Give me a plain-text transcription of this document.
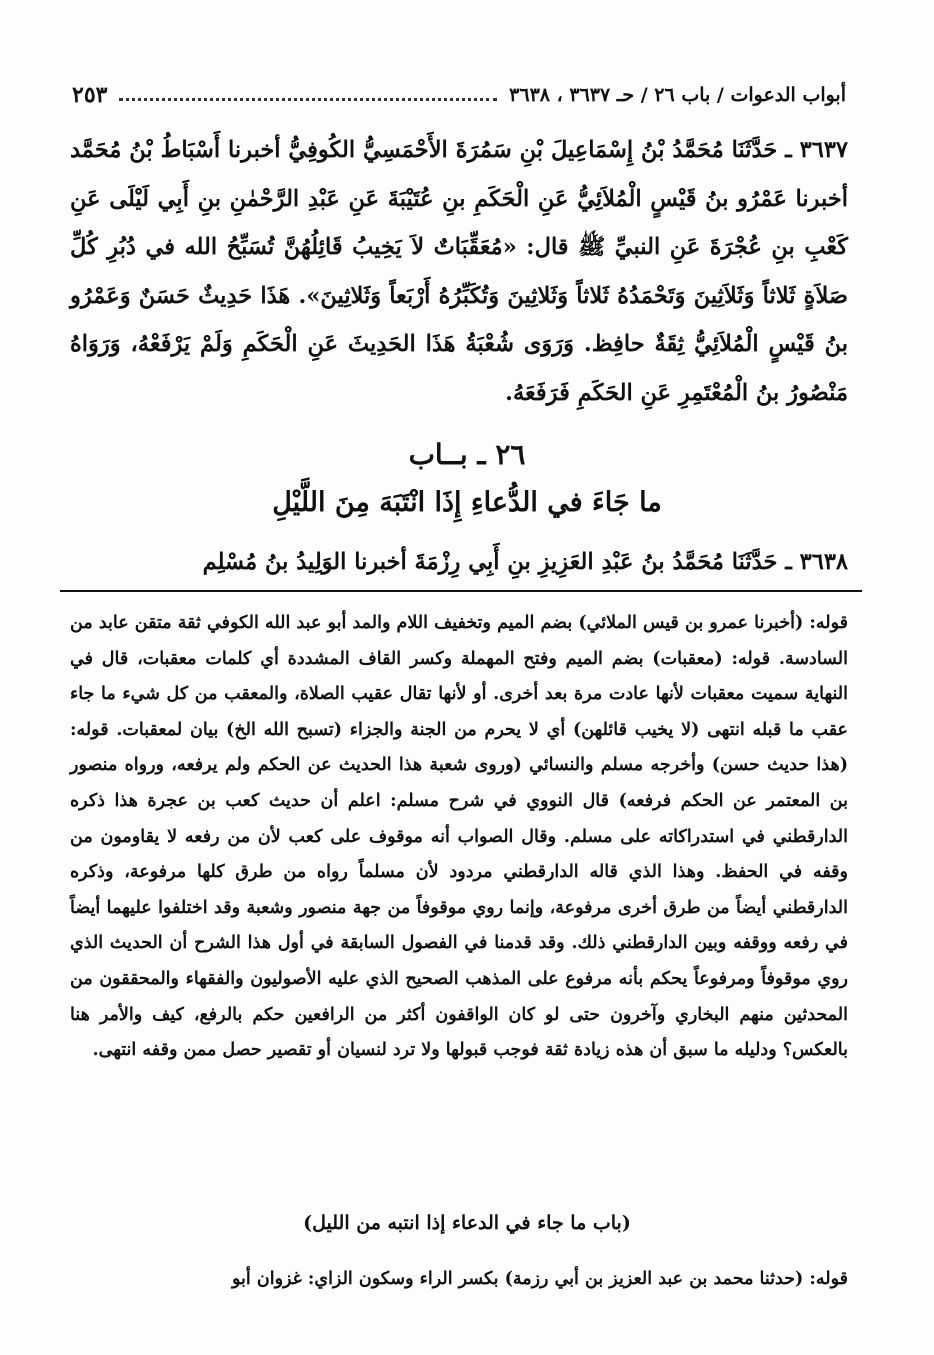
أبواب الدعوات / باب ٢٦ / حـ ٣٦٣٧ ، ٣٦٣٨
٢٥٣
٣٦٣٧ ـ حَدَّثَنَا مُحَمَّدُ بْنُ إِسْمَاعِيلَ بْنِ سَمُرَةَ الأَحْمَسِيُّ الكُوفِيُّ أخبرنا أَسْبَاطُ بْنُ مُحَمَّد أخبرنا عَمْرُو بنُ قَيْسٍ الْمُلاَئِيُّ عَنِ الْحَكَمِ بنِ عُتَيْبَةَ عَنِ عَبْدِ الرَّحْمٰنِ بنِ أَبِي لَيْلَى عَنِ كَعْبِ بنِ عُجْرَةَ عَنِ النبيِّ ﷺ قال: «مُعَقِّبَاتٌ لاَ يَخِيبُ قَائِلُهُنَّ تُسَبِّحُ الله في دُبُرِ كُلِّ صَلاَةٍ ثَلاثاً وَثَلاَثِينَ وَتَحْمَدُهُ ثَلاثاً وَثَلاثِينَ وَتُكَبِّرُهُ أَرْبَعاً وَثَلاثِينَ». هَذَا حَدِيثٌ حَسَنٌ وَعَمْرُو بنُ قَيْسٍ الْمُلاَئِيُّ ثِقَةٌ حافِظ. وَرَوَى شُعْبَةُ هَذَا الحَدِيثَ عَنِ الْحَكَمِ وَلَمْ يَرْفَعْهُ، وَرَوَاهُ مَنْصُورُ بنُ الْمُعْتَمِرِ عَنِ الحَكَمِ فَرَفَعَهُ.
٢٦ ـ بــاب
ما جَاءَ في الدُّعاءِ إِذَا انْتَبَهَ مِنَ اللَّيْلِ
٣٦٣٨ ـ حَدَّثَنَا مُحَمَّدُ بنُ عَبْدِ العَزِيزِ بنِ أَبِي رِزْمَةَ أخبرنا الوَلِيدُ بنُ مُسْلِم

قوله: (أخبرنا عمرو بن قيس الملائي) بضم الميم وتخفيف اللام والمد أبو عبد الله الكوفي ثقة متقن عابد من السادسة. قوله: (معقبات) بضم الميم وفتح المهملة وكسر القاف المشددة أي كلمات معقبات، قال في النهاية سميت معقبات لأنها عادت مرة بعد أخرى. أو لأنها تقال عقيب الصلاة، والمعقب من كل شيء ما جاء عقب ما قبله انتهى (لا يخيب قائلهن) أي لا يحرم من الجنة والجزاء (تسبح الله الخ) بيان لمعقبات. قوله: (هذا حديث حسن) وأخرجه مسلم والنسائي (وروى شعبة هذا الحديث عن الحكم ولم يرفعه، ورواه منصور بن المعتمر عن الحكم فرفعه) قال النووي في شرح مسلم: اعلم أن حديث كعب بن عجرة هذا ذكره الدارقطني في استدراكاته على مسلم. وقال الصواب أنه موقوف على كعب لأن من رفعه لا يقاومون من وقفه في الحفظ. وهذا الذي قاله الدارقطني مردود لأن مسلماً رواه من طرق كلها مرفوعة، وذكره الدارقطني أيضاً من طرق أخرى مرفوعة، وإنما روي موقوفاً من جهة منصور وشعبة وقد اختلفوا عليهما أيضاً في رفعه ووقفه وبين الدارقطني ذلك. وقد قدمنا في الفصول السابقة في أول هذا الشرح أن الحديث الذي روي موقوفاً ومرفوعاً يحكم بأنه مرفوع على المذهب الصحيح الذي عليه الأصوليون والفقهاء والمحققون من المحدثين منهم البخاري وآخرون حتى لو كان الواقفون أكثر من الرافعين حكم بالرفع، كيف والأمر هنا بالعكس؟ ودليله ما سبق أن هذه زيادة ثقة فوجب قبولها ولا ترد لنسيان أو تقصير حصل ممن وقفه انتهى.

(باب ما جاء في الدعاء إذا انتبه من الليل)
قوله: (حدثنا محمد بن عبد العزيز بن أبي رزمة) بكسر الراء وسكون الزاي: غزوان أبو
